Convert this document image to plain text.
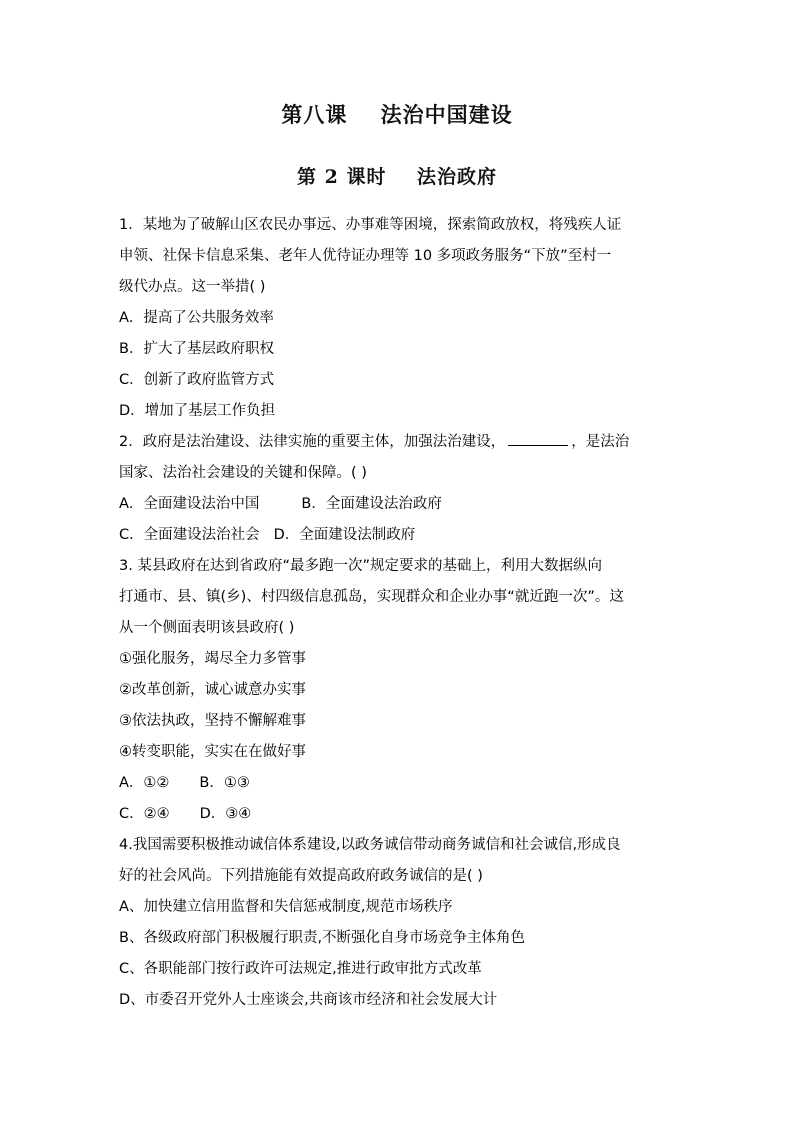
第八课    法治中国建设
第 2 课时    法治政府
1．某地为了破解山区农民办事远、办事难等困境，探索简政放权，将残疾人证
申领、社保卡信息采集、老年人优待证办理等 10 多项政务服务“下放”至村一
级代办点。这一举措( )
A．提高了公共服务效率
B．扩大了基层政府职权
C．创新了政府监管方式
D．增加了基层工作负担
2．政府是法治建设、法律实施的重要主体，加强法治建设，	，是法治
国家、法治社会建设的关键和保障。( )
A．全面建设法治中国	B．全面建设法治政府
C．全面建设法治社会 D．全面建设法制政府
3. 某县政府在达到省政府“最多跑一次”规定要求的基础上，利用大数据纵向
打通市、县、镇(乡)、村四级信息孤岛，实现群众和企业办事“就近跑一次”。这
从一个侧面表明该县政府( )
①强化服务，竭尽全力多管事
②改革创新，诚心诚意办实事
③依法执政，坚持不懈解难事
④转变职能，实实在在做好事
A．①② B．①③
C．②④ D．③④
4.我国需要积极推动诚信体系建设,以政务诚信带动商务诚信和社会诚信,形成良
好的社会风尚。下列措施能有效提高政府政务诚信的是( )
A、加快建立信用监督和失信惩戒制度,规范市场秩序
B、各级政府部门积极履行职责,不断强化自身市场竞争主体角色
C、各职能部门按行政许可法规定,推进行政审批方式改革
D、市委召开党外人士座谈会,共商该市经济和社会发展大计
